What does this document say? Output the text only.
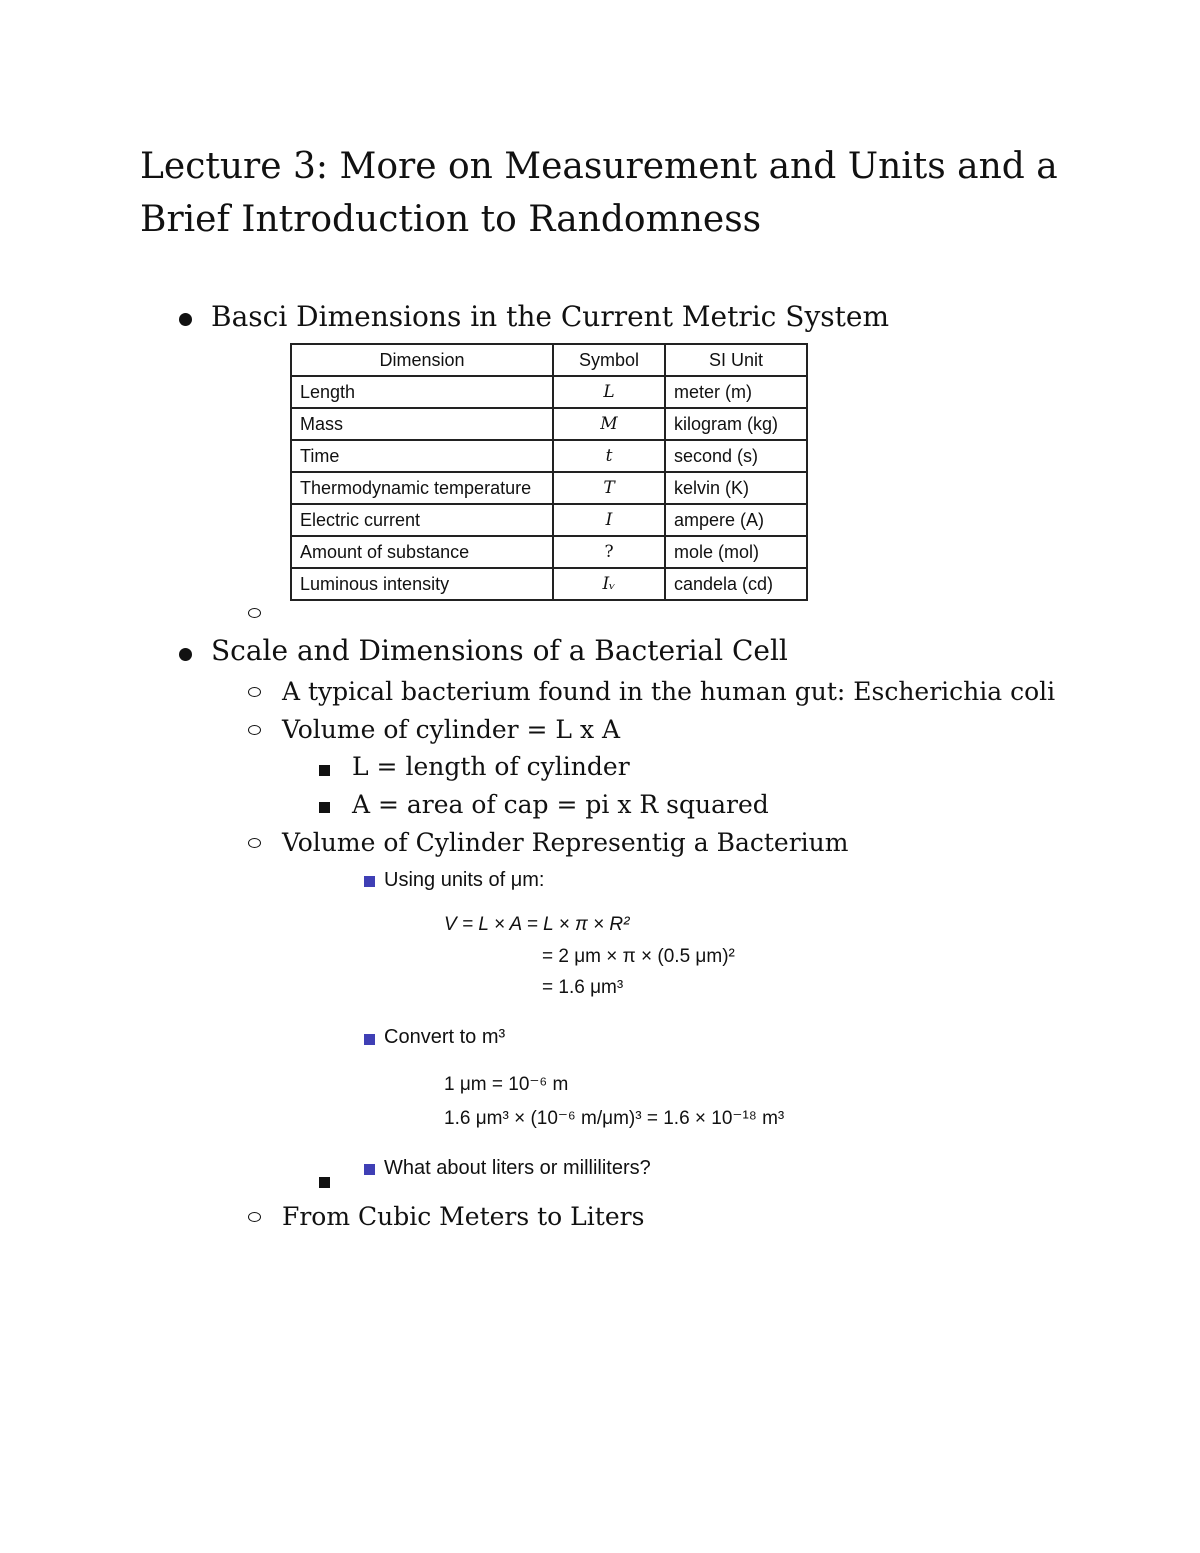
Lecture 3: More on Measurement and Units and a Brief Introduction to Randomness
Basci Dimensions in the Current Metric System
Dimension	Symbol	SI Unit
Length	L	meter (m)
Mass	M	kilogram (kg)
Time	t	second (s)
Thermodynamic temperature	T	kelvin (K)
Electric current	I	ampere (A)
Amount of substance	?	mole (mol)
Luminous intensity	Iᵥ	candela (cd)
Scale and Dimensions of a Bacterial Cell
A typical bacterium found in the human gut: Escherichia coli
Volume of cylinder = L x A
L = length of cylinder
A = area of cap = pi x R squared
Volume of Cylinder Representig a Bacterium
Using units of μm:
V = L × A = L × π × R²
= 2 μm × π × (0.5 μm)²
= 1.6 μm³
Convert to m³
1 μm = 10⁻⁶ m
1.6 μm³ × (10⁻⁶ m/μm)³ = 1.6 × 10⁻¹⁸ m³
What about liters or milliliters?
From Cubic Meters to Liters
